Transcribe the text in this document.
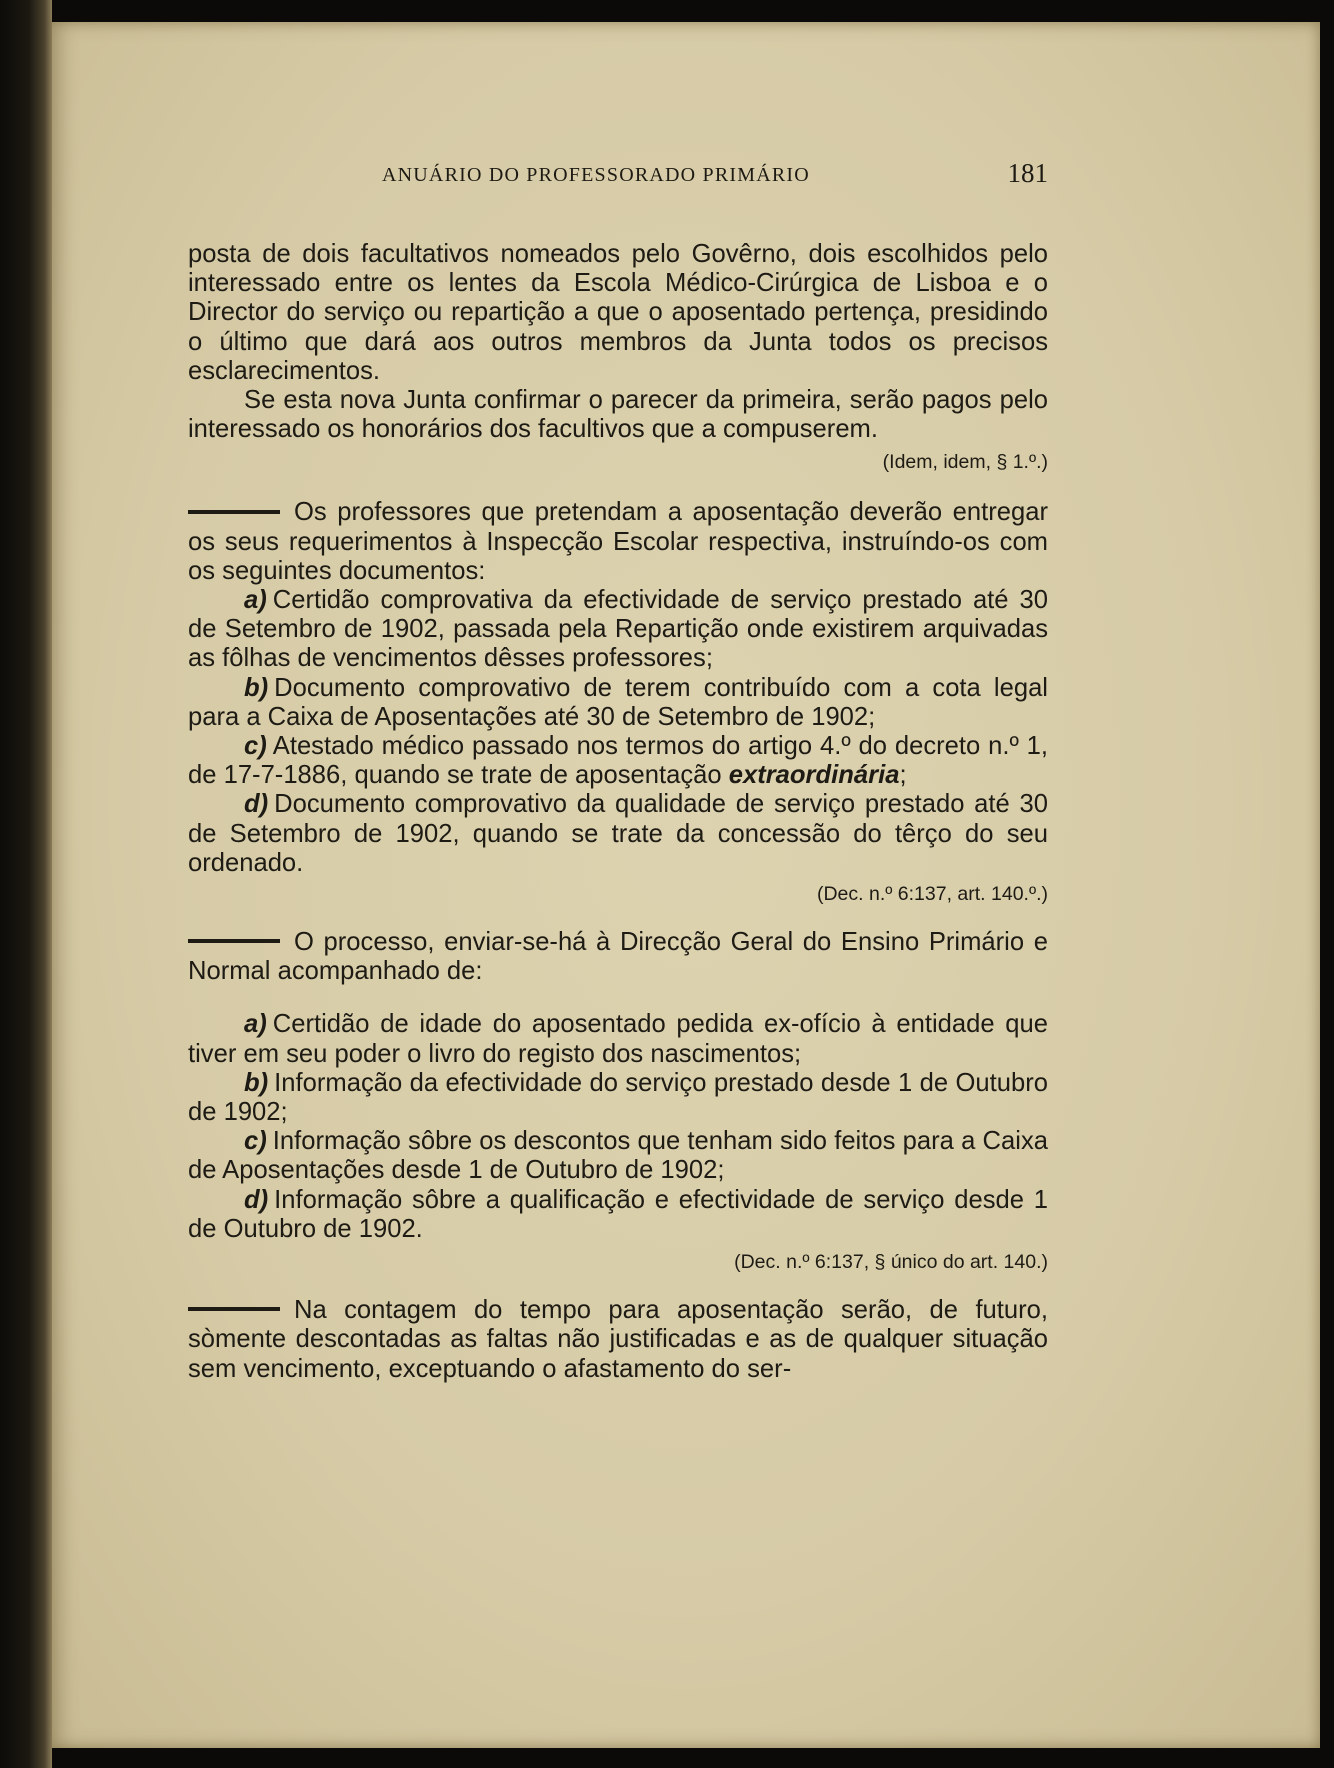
ANUÁRIO DO PROFESSORADO PRIMÁRIO	181

posta de dois facultativos nomeados pelo Govêrno, dois escolhidos pelo interessado entre os lentes da Escola Médico-Cirúrgica de Lisboa e o Director do serviço ou repartição a que o aposentado pertença, presidindo o último que dará aos outros membros da Junta todos os precisos esclarecimentos.

Se esta nova Junta confirmar o parecer da primeira, serão pagos pelo interessado os honorários dos facultivos que a compuserem.

(Idem, idem, § 1.º.)

Os professores que pretendam a aposentação deverão entregar os seus requerimentos à Inspecção Escolar respectiva, instruíndo-os com os seguintes documentos:

a) Certidão comprovativa da efectividade de serviço prestado até 30 de Setembro de 1902, passada pela Repartição onde existirem arquivadas as fôlhas de vencimentos dêsses professores;

b) Documento comprovativo de terem contribuído com a cota legal para a Caixa de Aposentações até 30 de Setembro de 1902;

c) Atestado médico passado nos termos do artigo 4.º do decreto n.º 1, de 17-7-1886, quando se trate de aposentação extraordinária;

d) Documento comprovativo da qualidade de serviço prestado até 30 de Setembro de 1902, quando se trate da concessão do têrço do seu ordenado.

(Dec. n.º 6:137, art. 140.º.)

O processo, enviar-se-há à Direcção Geral do Ensino Primário e Normal acompanhado de:

a) Certidão de idade do aposentado pedida ex-ofício à entidade que tiver em seu poder o livro do registo dos nascimentos;

b) Informação da efectividade do serviço prestado desde 1 de Outubro de 1902;

c) Informação sôbre os descontos que tenham sido feitos para a Caixa de Aposentações desde 1 de Outubro de 1902;

d) Informação sôbre a qualificação e efectividade de serviço desde 1 de Outubro de 1902.

(Dec. n.º 6:137, § único do art. 140.)

Na contagem do tempo para aposentação serão, de futuro, sòmente descontadas as faltas não justificadas e as de qualquer situação sem vencimento, exceptuando o afastamento do ser-
